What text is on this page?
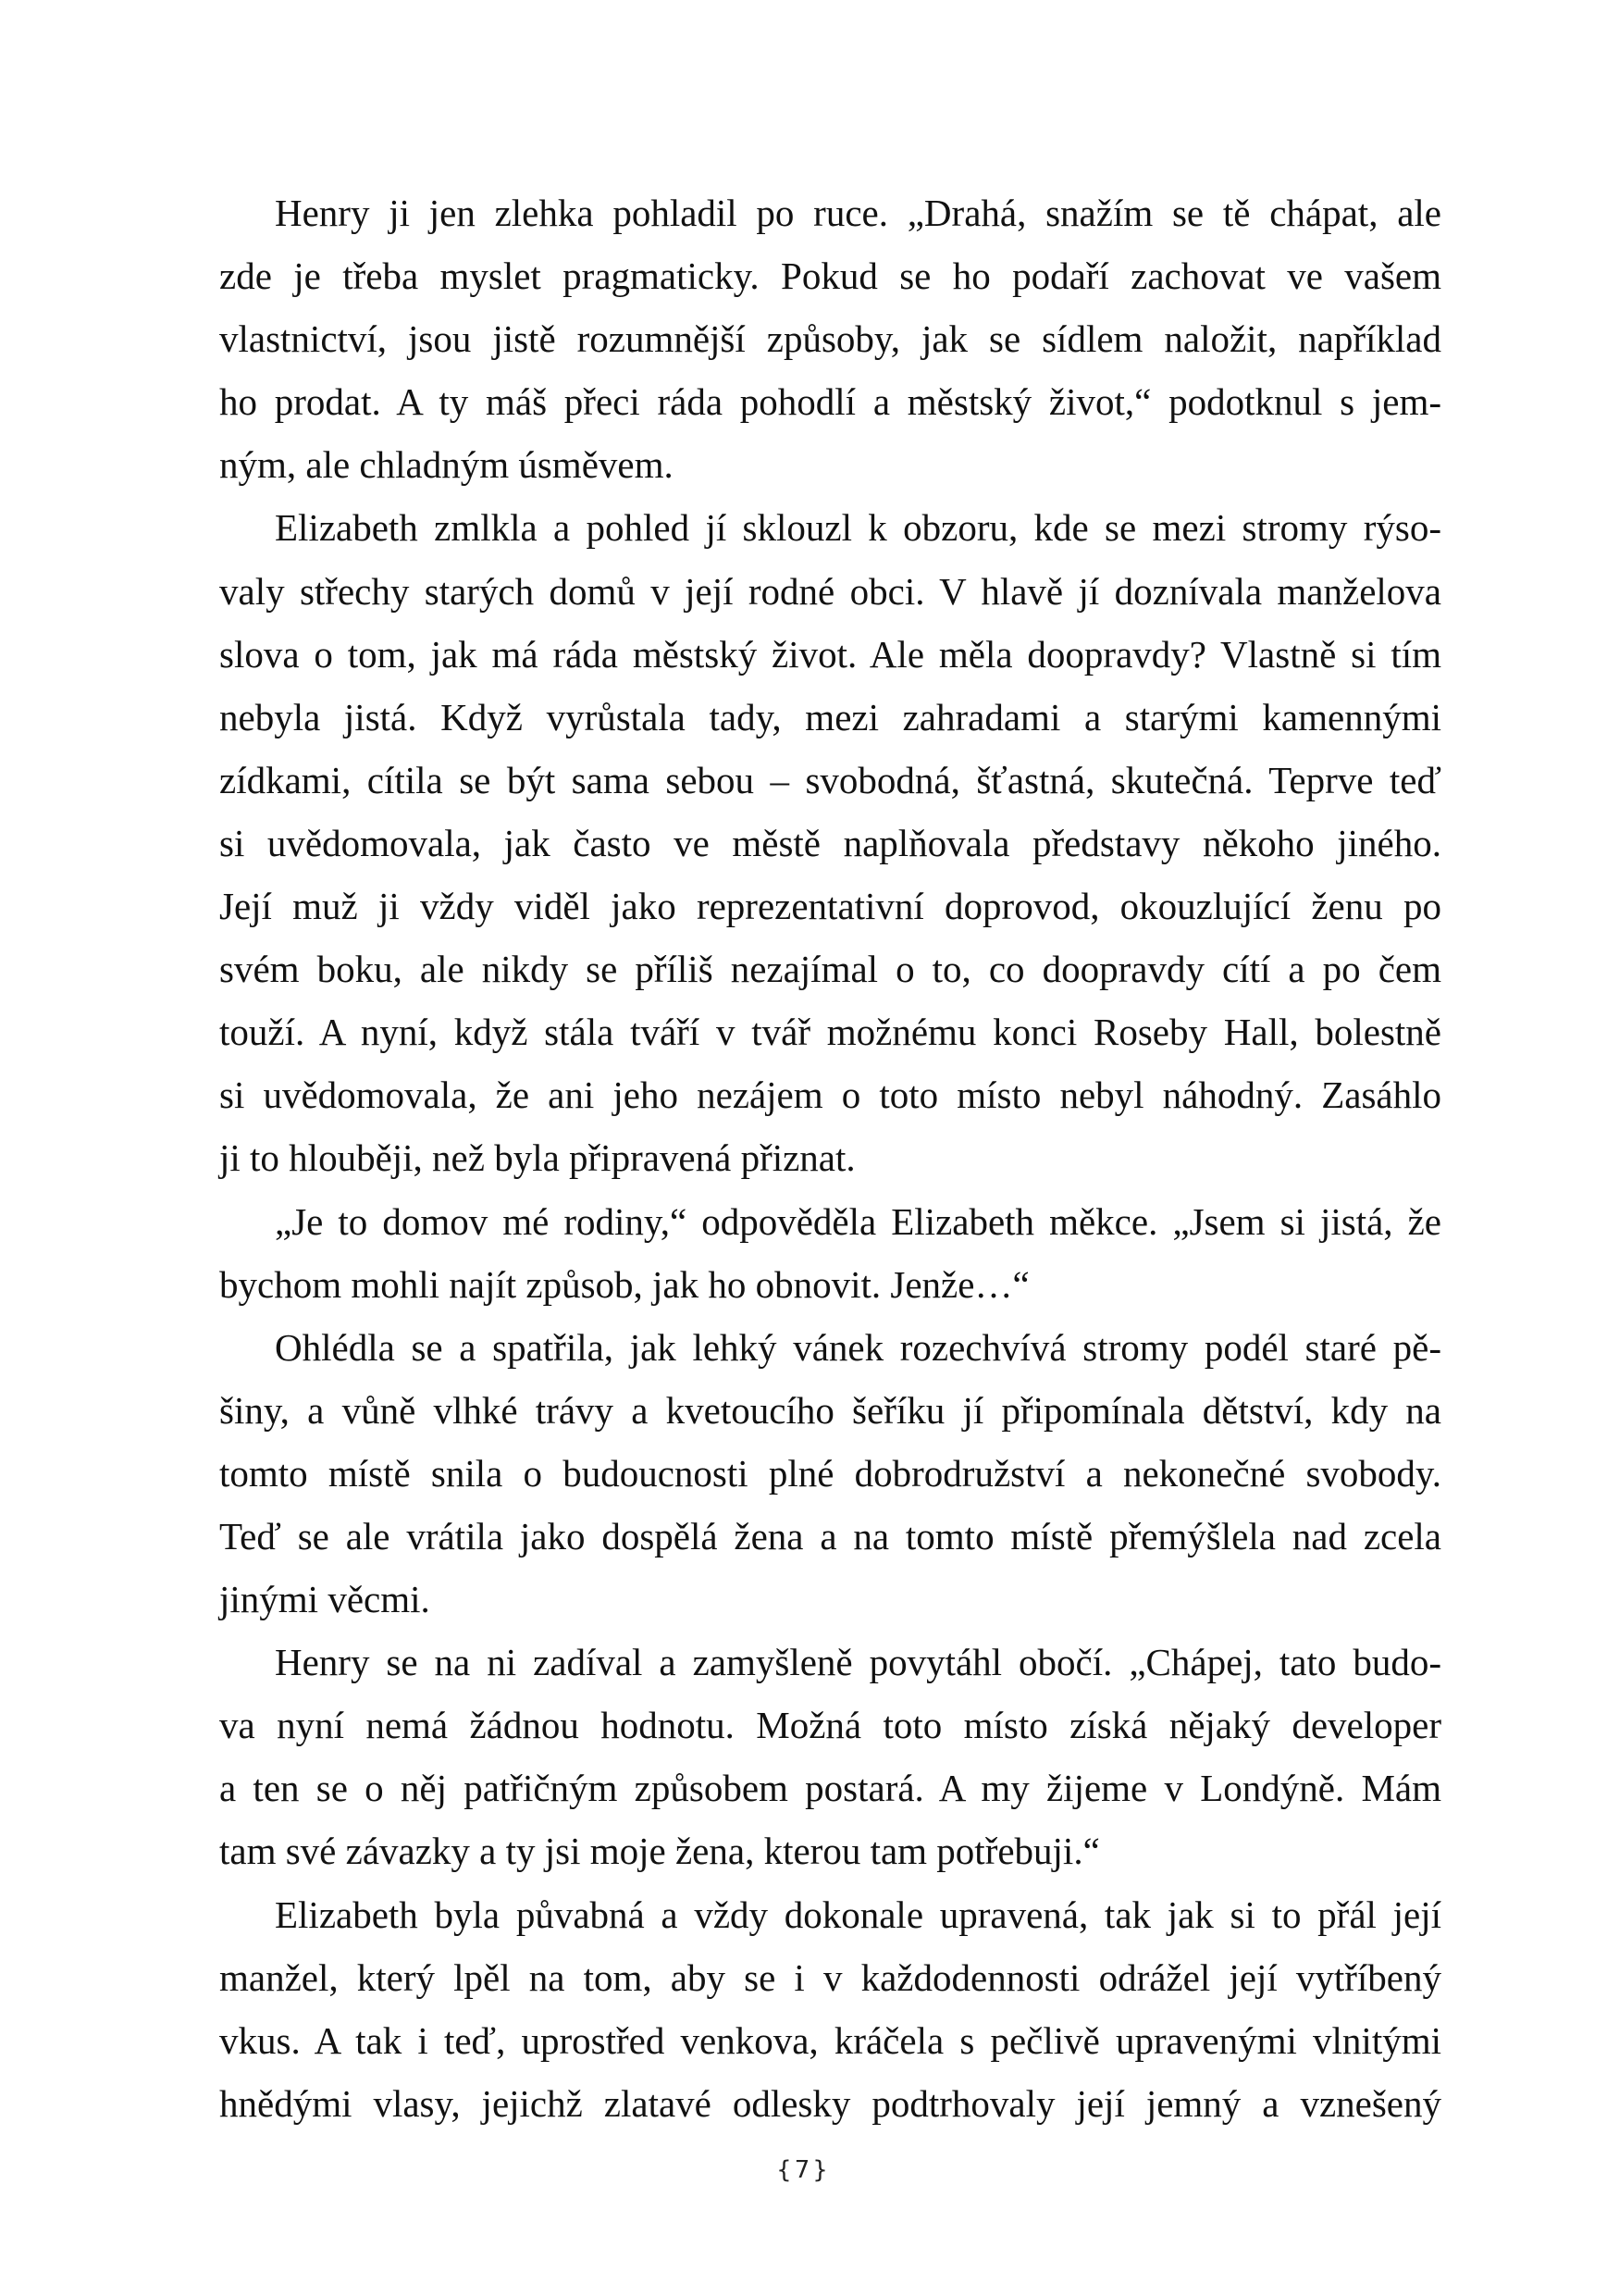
Henry ji jen zlehka pohladil po ruce. „Drahá, snažím se tě chápat, ale
zde je třeba myslet pragmaticky. Pokud se ho podaří zachovat ve vašem
vlastnictví, jsou jistě rozumnější způsoby, jak se sídlem naložit, například
ho prodat. A ty máš přeci ráda pohodlí a městský život,“ podotknul s jem-
ným, ale chladným úsměvem.
Elizabeth zmlkla a pohled jí sklouzl k obzoru, kde se mezi stromy rýso-
valy střechy starých domů v její rodné obci. V hlavě jí doznívala manželova
slova o tom, jak má ráda městský život. Ale měla doopravdy? Vlastně si tím
nebyla jistá. Když vyrůstala tady, mezi zahradami a starými kamennými
zídkami, cítila se být sama sebou – svobodná, šťastná, skutečná. Teprve teď
si uvědomovala, jak často ve městě naplňovala představy někoho jiného.
Její muž ji vždy viděl jako reprezentativní doprovod, okouzlující ženu po
svém boku, ale nikdy se příliš nezajímal o to, co doopravdy cítí a po čem
touží. A nyní, když stála tváří v tvář možnému konci Roseby Hall, bolestně
si uvědomovala, že ani jeho nezájem o toto místo nebyl náhodný. Zasáhlo
ji to hlouběji, než byla připravená přiznat.
„Je to domov mé rodiny,“ odpověděla Elizabeth měkce. „Jsem si jistá, že
bychom mohli najít způsob, jak ho obnovit. Jenže…“
Ohlédla se a spatřila, jak lehký vánek rozechvívá stromy podél staré pě-
šiny, a vůně vlhké trávy a kvetoucího šeříku jí připomínala dětství, kdy na
tomto místě snila o budoucnosti plné dobrodružství a nekonečné svobody.
Teď se ale vrátila jako dospělá žena a na tomto místě přemýšlela nad zcela
jinými věcmi.
Henry se na ni zadíval a zamyšleně povytáhl obočí. „Chápej, tato budo-
va nyní nemá žádnou hodnotu. Možná toto místo získá nějaký developer
a ten se o něj patřičným způsobem postará. A my žijeme v Londýně. Mám
tam své závazky a ty jsi moje žena, kterou tam potřebuji.“
Elizabeth byla půvabná a vždy dokonale upravená, tak jak si to přál její
manžel, který lpěl na tom, aby se i v každodennosti odrážel její vytříbený
vkus. A tak i teď, uprostřed venkova, kráčela s pečlivě upravenými vlnitými
hnědými vlasy, jejichž zlatavé odlesky podtrhovaly její jemný a vznešený
{7}
